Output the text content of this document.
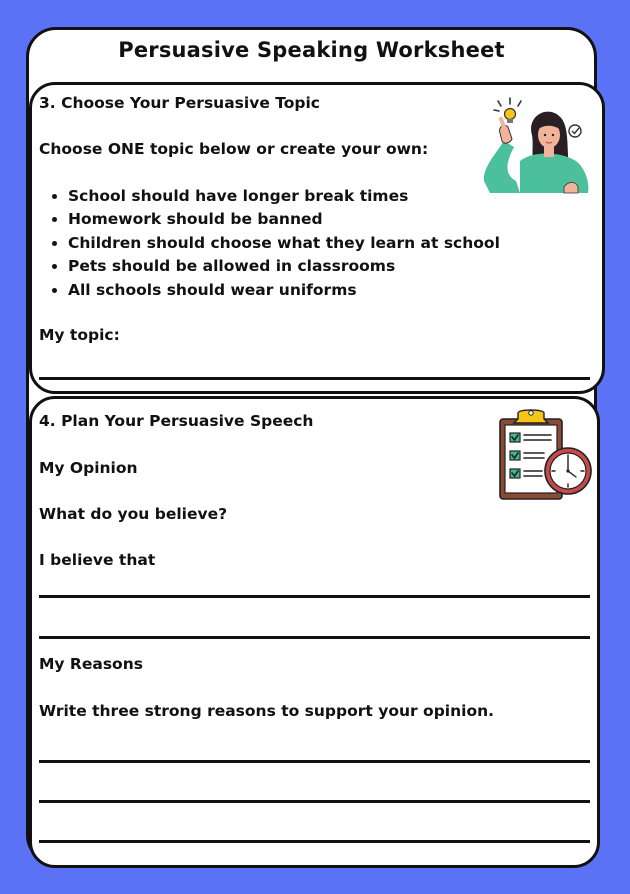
Persuasive Speaking Worksheet
3. Choose Your Persuasive Topic
Choose ONE topic below or create your own:
• School should have longer break times
• Homework should be banned
• Children should choose what they learn at school
• Pets should be allowed in classrooms
• All schools should wear uniforms
My topic:
4. Plan Your Persuasive Speech
My Opinion
What do you believe?
I believe that
My Reasons
Write three strong reasons to support your opinion.
